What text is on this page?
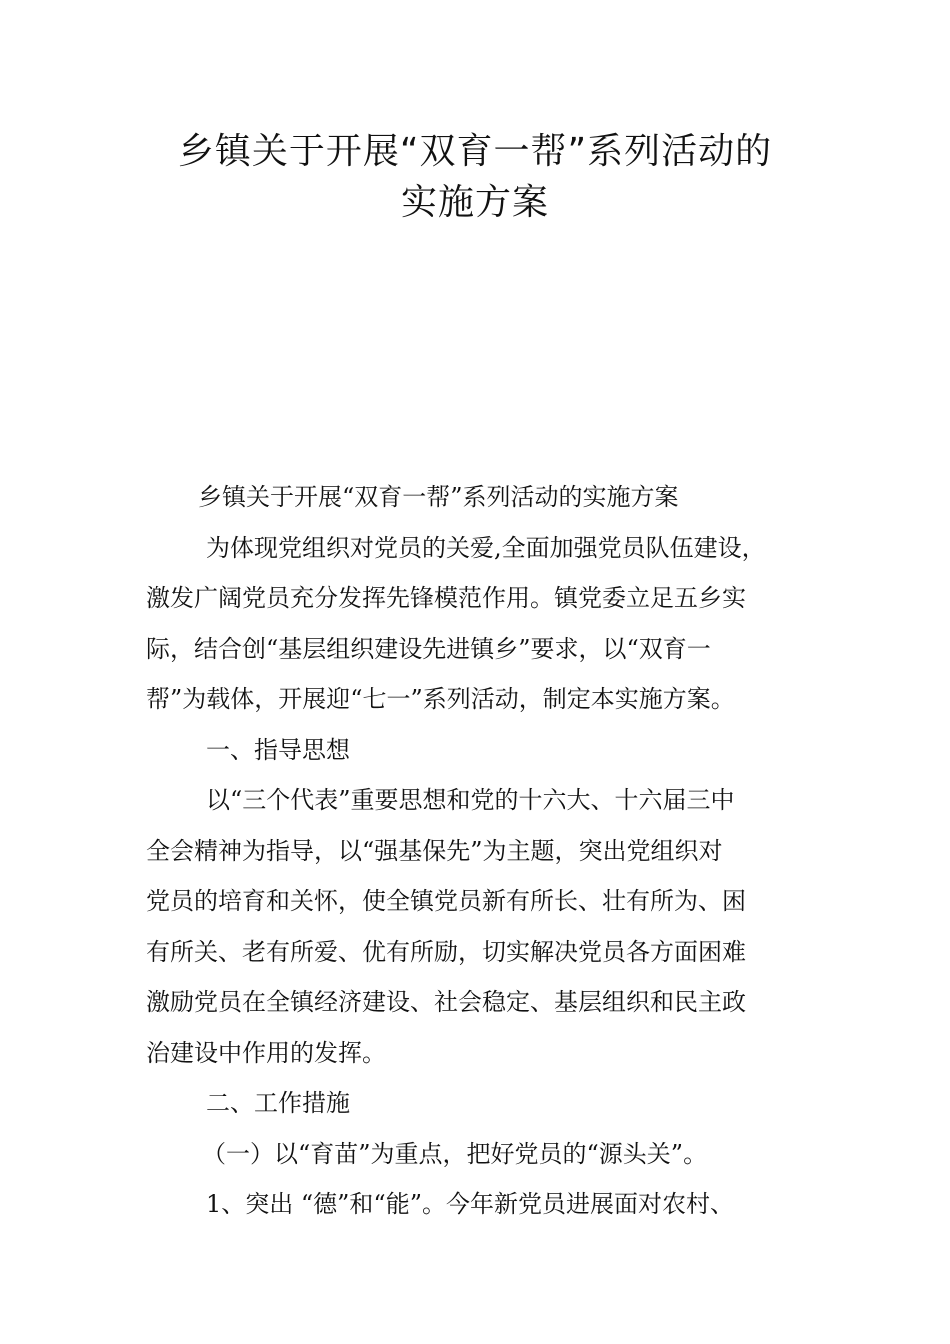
乡镇关于开展“双育一帮”系列活动的
实施方案

乡镇关于开展“双育一帮”系列活动的实施方案

为体现党组织对党员的关爱,全面加强党员队伍建设，

激发广阔党员充分发挥先锋模范作用。镇党委立足五乡实

际，结合创“基层组织建设先进镇乡”要求，以“双育一

帮”为载体，开展迎“七一”系列活动，制定本实施方案。

一、指导思想

以“三个代表”重要思想和党的十六大、十六届三中

全会精神为指导，以“强基保先”为主题，突出党组织对

党员的培育和关怀，使全镇党员新有所长、壮有所为、困

有所关、老有所爱、优有所励，切实解决党员各方面困难

激励党员在全镇经济建设、社会稳定、基层组织和民主政

治建设中作用的发挥。

二、工作措施

（一）以“育苗”为重点，把好党员的“源头关”。

1、突出 “德”和“能”。今年新党员进展面对农村、
